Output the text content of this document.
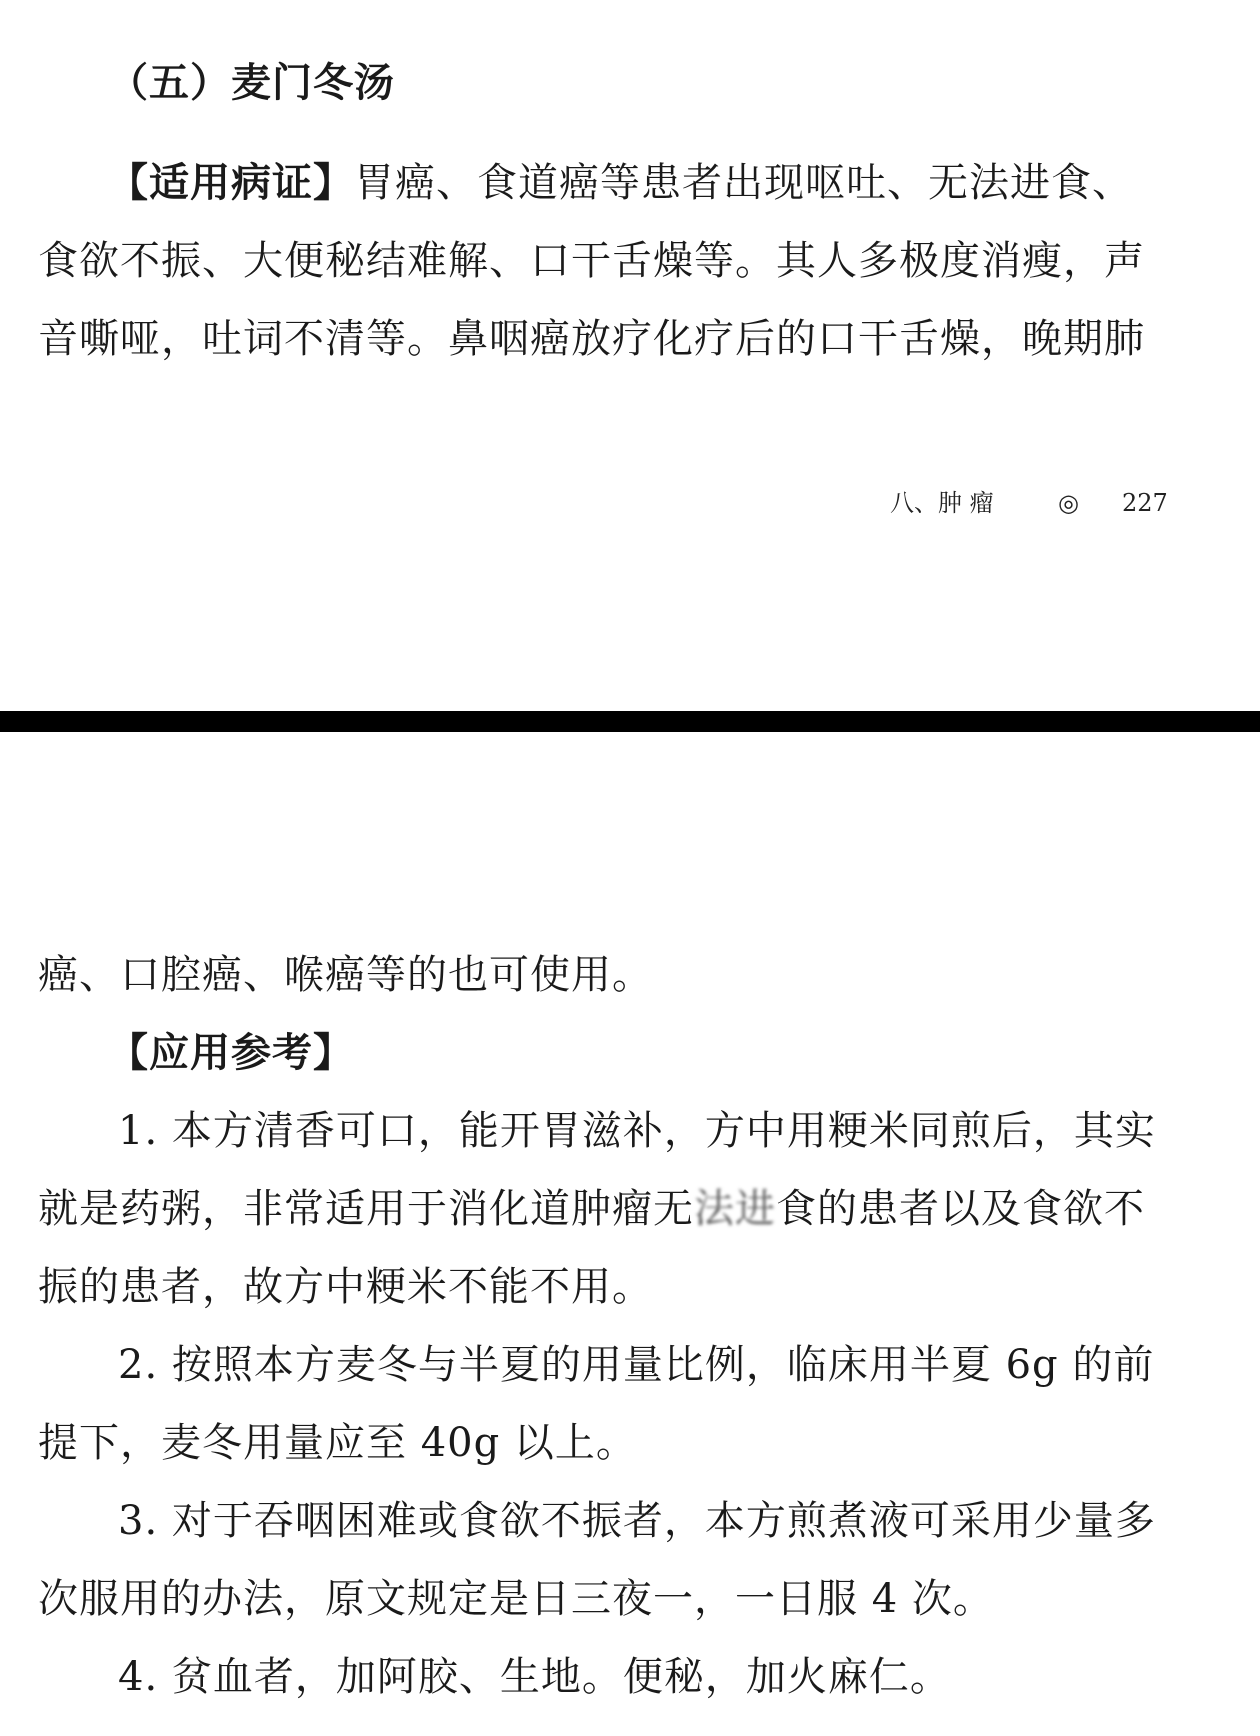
（五）麦门冬汤
【适用病证】胃癌、食道癌等患者出现呕吐、无法进食、
食欲不振、大便秘结难解、口干舌燥等。其人多极度消瘦，声
音嘶哑，吐词不清等。鼻咽癌放疗化疗后的口干舌燥，晚期肺
八、肿 瘤	◎ 227
癌、口腔癌、喉癌等的也可使用。
【应用参考】
1. 本方清香可口，能开胃滋补，方中用粳米同煎后，其实
就是药粥，非常适用于消化道肿瘤无法进食的患者以及食欲不
振的患者，故方中粳米不能不用。
2. 按照本方麦冬与半夏的用量比例，临床用半夏 6g 的前
提下，麦冬用量应至 40g 以上。
3. 对于吞咽困难或食欲不振者，本方煎煮液可采用少量多
次服用的办法，原文规定是日三夜一，一日服 4 次。
4. 贫血者，加阿胶、生地。便秘，加火麻仁。
